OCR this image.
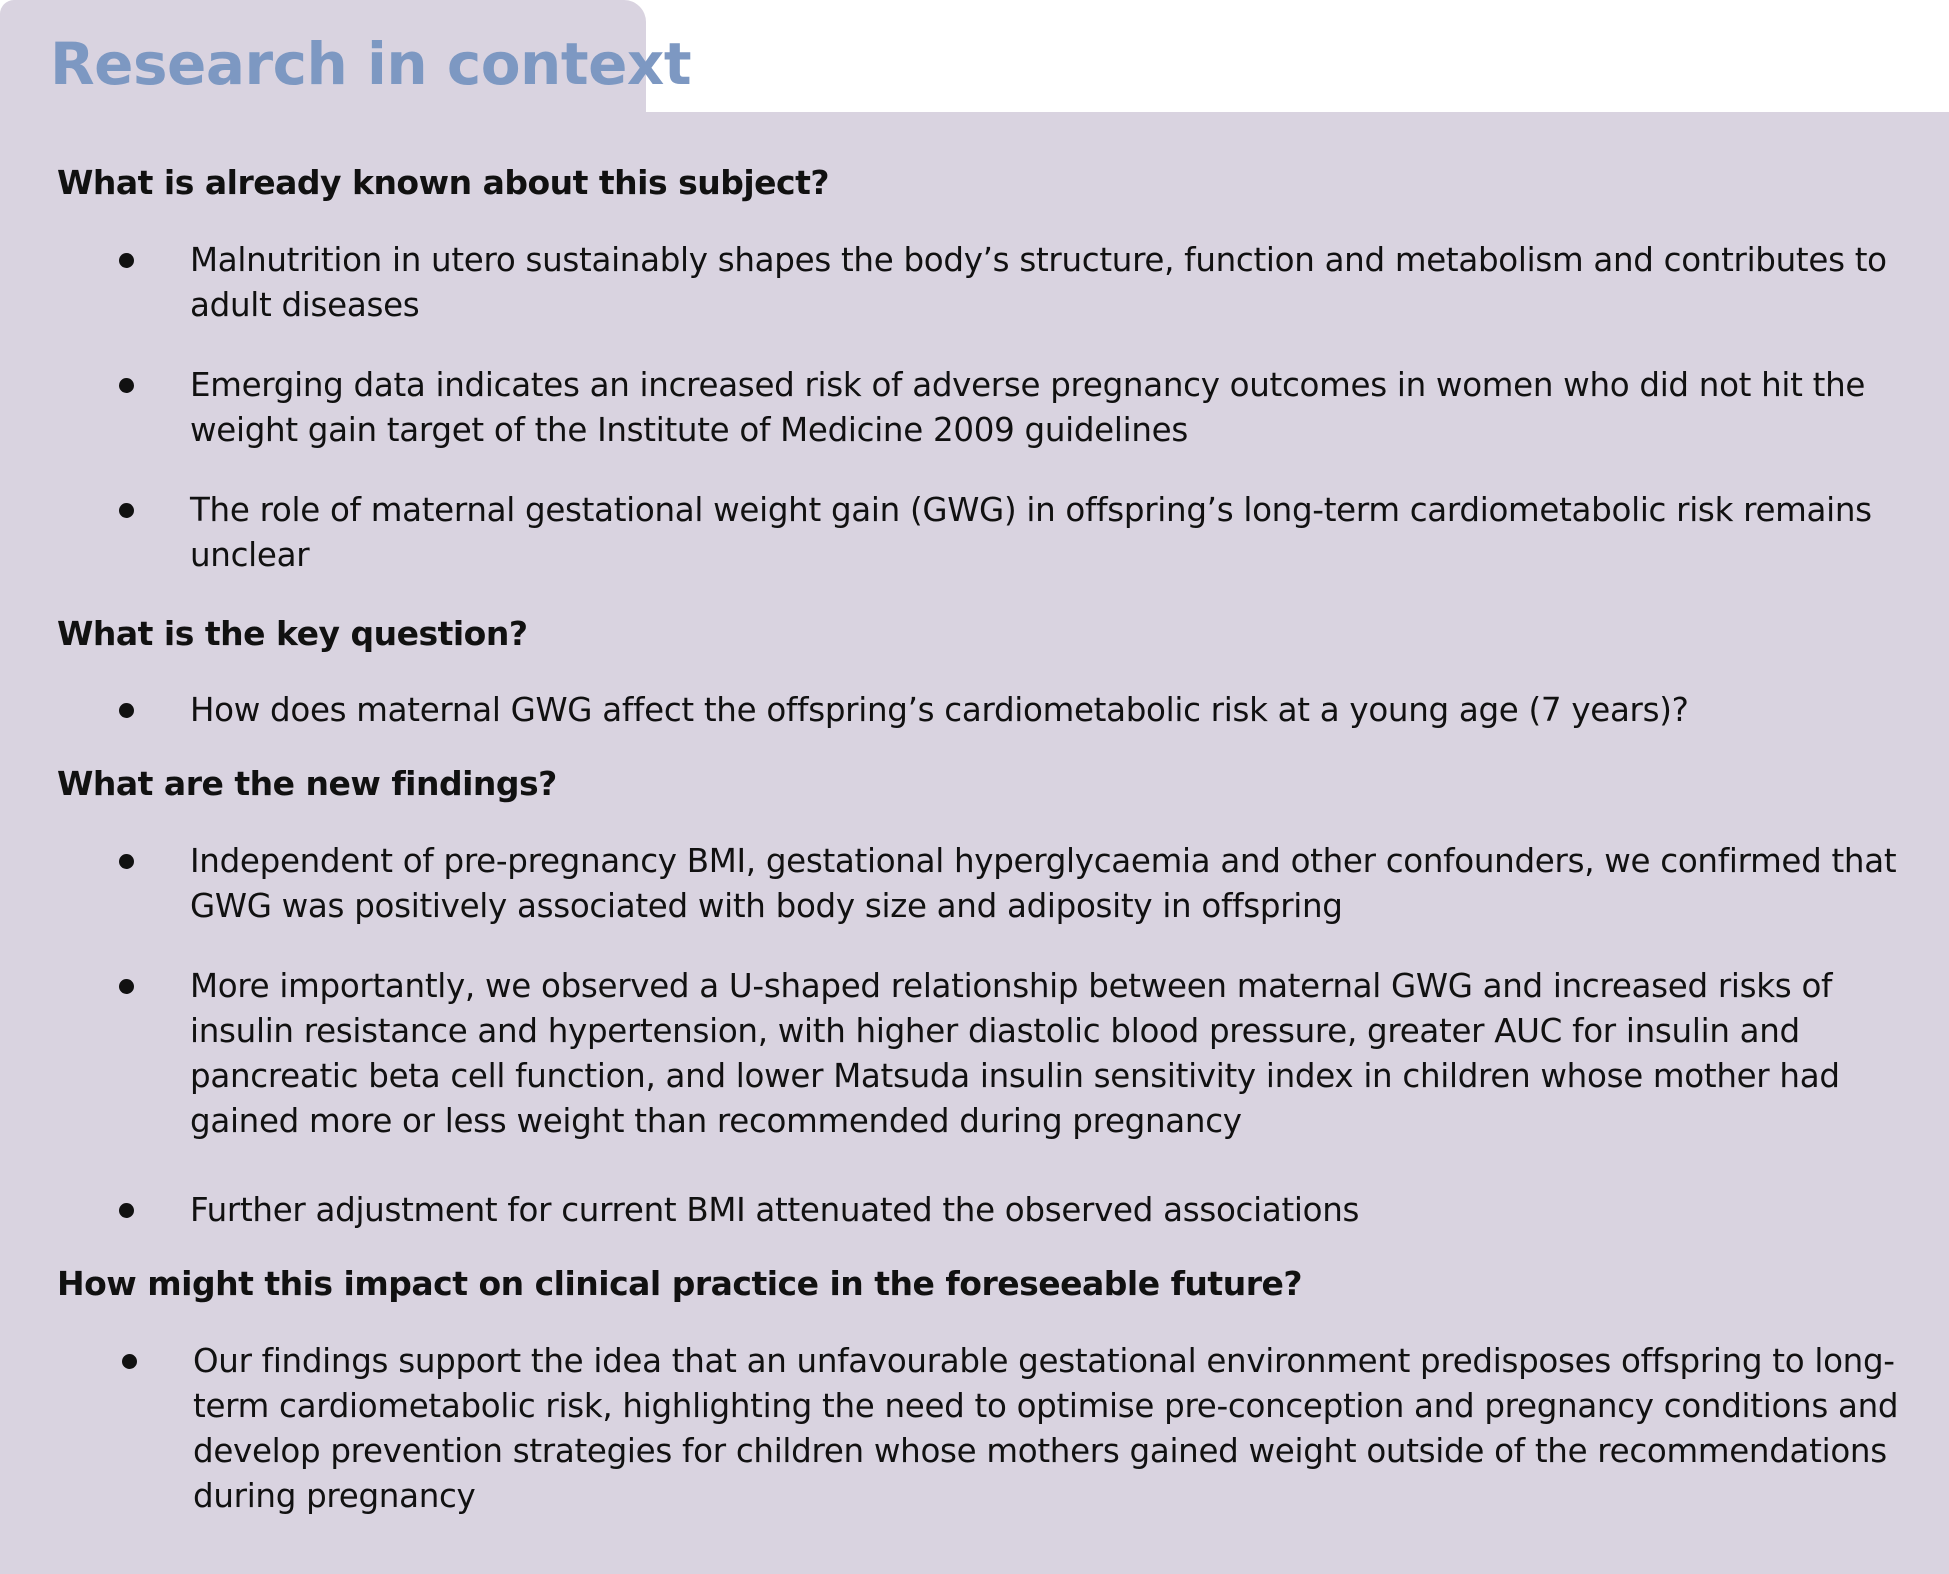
Research in context
What is already known about this subject?
Malnutrition in utero sustainably shapes the body’s structure, function and metabolism and contributes to adult diseases
Emerging data indicates an increased risk of adverse pregnancy outcomes in women who did not hit the weight gain target of the Institute of Medicine 2009 guidelines
The role of maternal gestational weight gain (GWG) in offspring’s long-term cardiometabolic risk remains unclear
What is the key question?
How does maternal GWG affect the offspring’s cardiometabolic risk at a young age (7 years)?
What are the new findings?
Independent of pre-pregnancy BMI, gestational hyperglycaemia and other confounders, we confirmed that GWG was positively associated with body size and adiposity in offspring
More importantly, we observed a U-shaped relationship between maternal GWG and increased risks of insulin resistance and hypertension, with higher diastolic blood pressure, greater AUC for insulin and pancreatic beta cell function, and lower Matsuda insulin sensitivity index in children whose mother had gained more or less weight than recommended during pregnancy
Further adjustment for current BMI attenuated the observed associations
How might this impact on clinical practice in the foreseeable future?
Our findings support the idea that an unfavourable gestational environment predisposes offspring to long-term cardiometabolic risk, highlighting the need to optimise pre-conception and pregnancy conditions and develop prevention strategies for children whose mothers gained weight outside of the recommendations during pregnancy
